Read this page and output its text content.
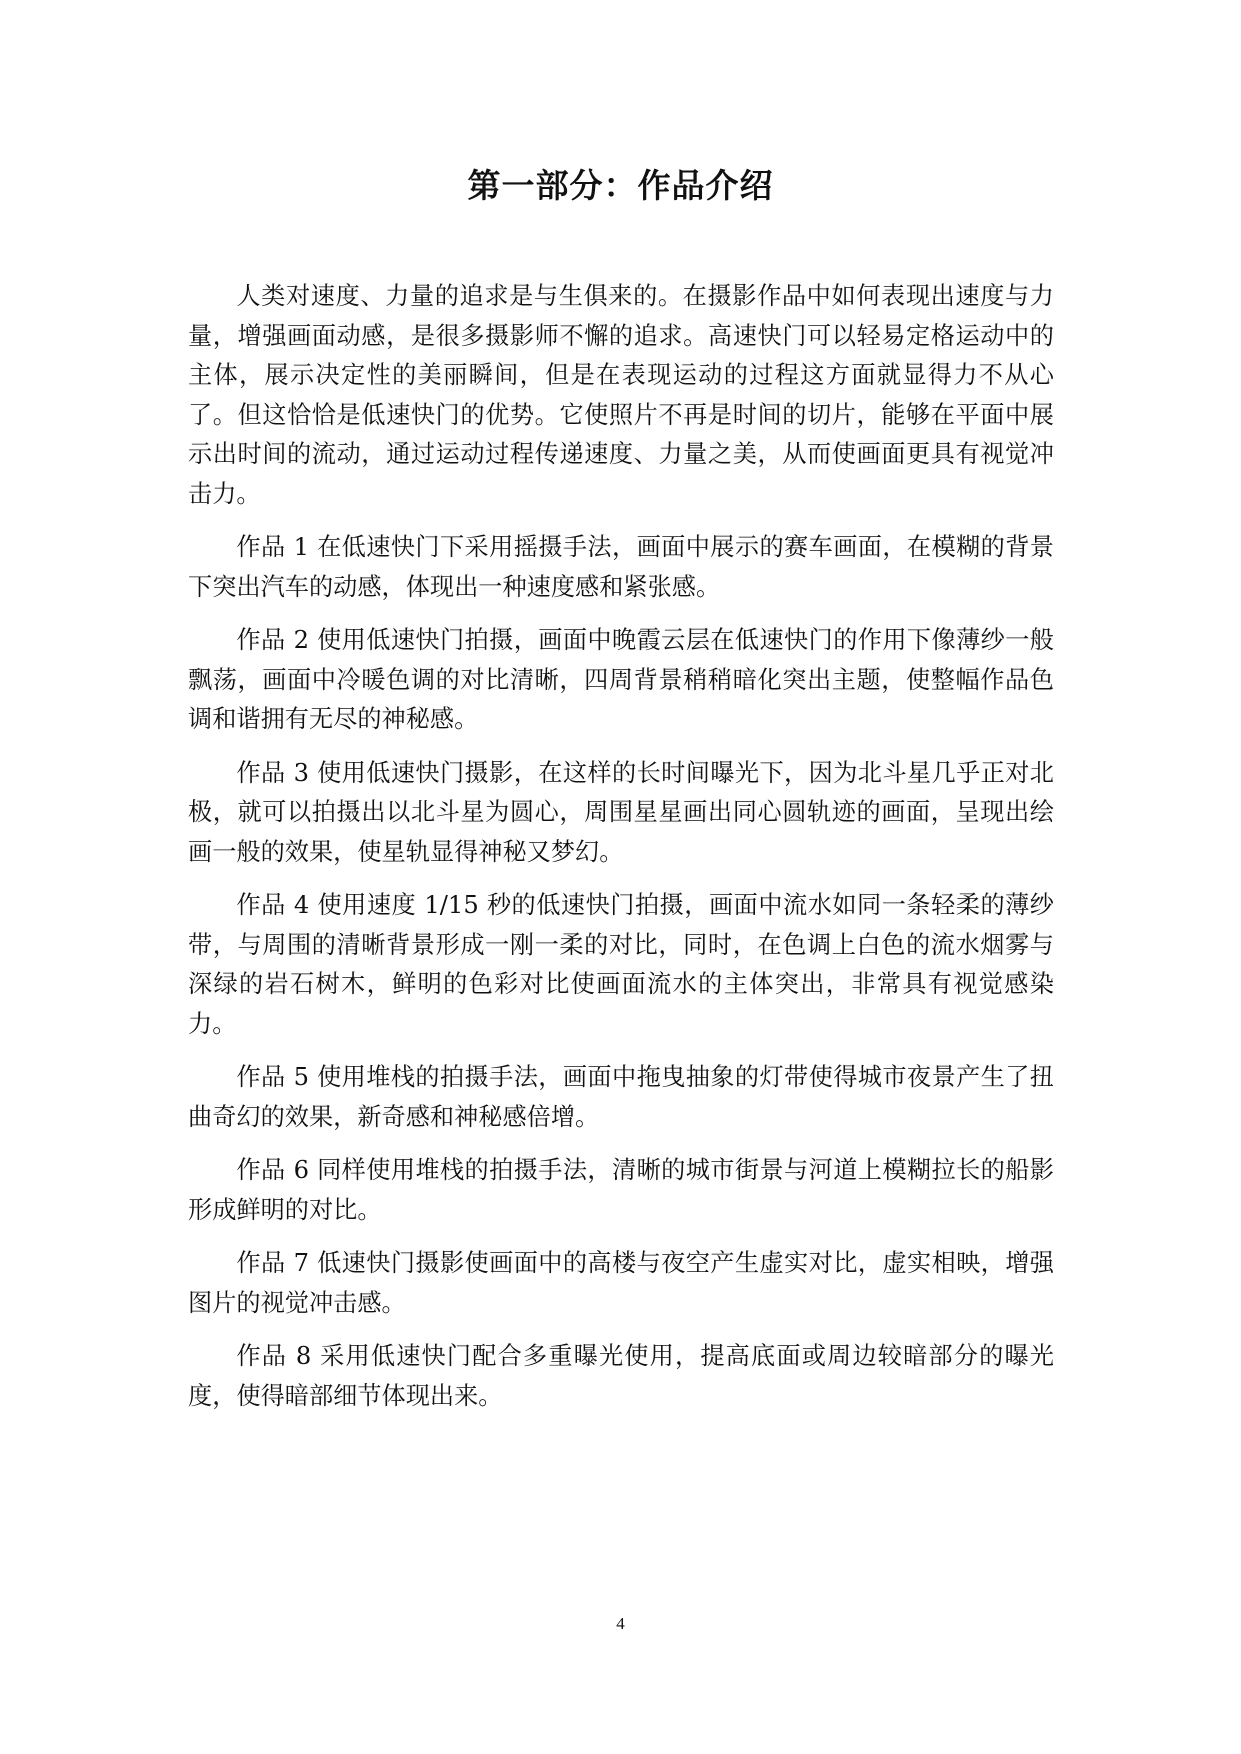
第一部分：作品介绍

人类对速度、力量的追求是与生俱来的。在摄影作品中如何表现出速度与力量，增强画面动感，是很多摄影师不懈的追求。高速快门可以轻易定格运动中的主体，展示决定性的美丽瞬间，但是在表现运动的过程这方面就显得力不从心了。但这恰恰是低速快门的优势。它使照片不再是时间的切片，能够在平面中展示出时间的流动，通过运动过程传递速度、力量之美，从而使画面更具有视觉冲击力。

作品 1 在低速快门下采用摇摄手法，画面中展示的赛车画面，在模糊的背景下突出汽车的动感，体现出一种速度感和紧张感。

作品 2 使用低速快门拍摄，画面中晚霞云层在低速快门的作用下像薄纱一般飘荡，画面中冷暖色调的对比清晰，四周背景稍稍暗化突出主题，使整幅作品色调和谐拥有无尽的神秘感。

作品 3 使用低速快门摄影，在这样的长时间曝光下，因为北斗星几乎正对北极，就可以拍摄出以北斗星为圆心，周围星星画出同心圆轨迹的画面，呈现出绘画一般的效果，使星轨显得神秘又梦幻。

作品 4 使用速度 1/15 秒的低速快门拍摄，画面中流水如同一条轻柔的薄纱带，与周围的清晰背景形成一刚一柔的对比，同时，在色调上白色的流水烟雾与深绿的岩石树木，鲜明的色彩对比使画面流水的主体突出，非常具有视觉感染力。

作品 5 使用堆栈的拍摄手法，画面中拖曳抽象的灯带使得城市夜景产生了扭曲奇幻的效果，新奇感和神秘感倍增。

作品 6 同样使用堆栈的拍摄手法，清晰的城市街景与河道上模糊拉长的船影形成鲜明的对比。

作品 7 低速快门摄影使画面中的高楼与夜空产生虚实对比，虚实相映，增强图片的视觉冲击感。

作品 8 采用低速快门配合多重曝光使用，提高底面或周边较暗部分的曝光度，使得暗部细节体现出来。

4
